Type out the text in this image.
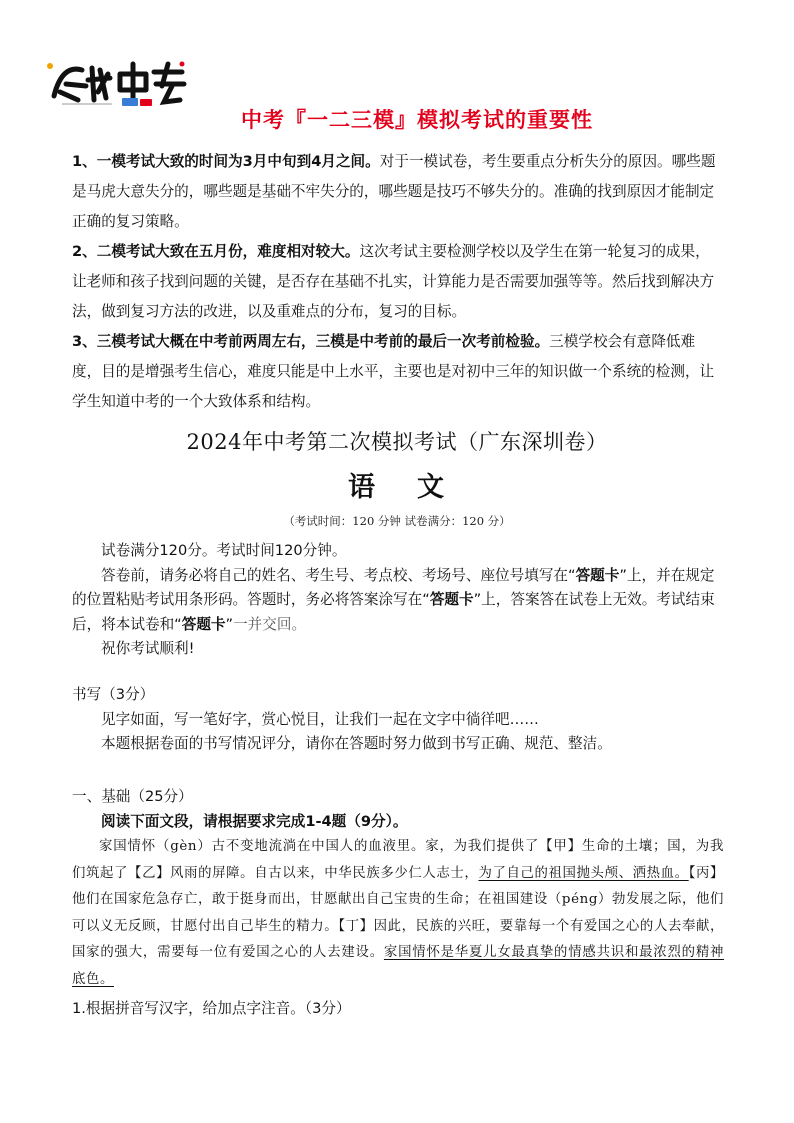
中考『一二三模』模拟考试的重要性

1、一模考试大致的时间为3月中旬到4月之间。对于一模试卷，考生要重点分析失分的原因。哪些题是马虎大意失分的，哪些题是基础不牢失分的，哪些题是技巧不够失分的。准确的找到原因才能制定正确的复习策略。

2、二模考试大致在五月份，难度相对较大。这次考试主要检测学校以及学生在第一轮复习的成果，让老师和孩子找到问题的关键，是否存在基础不扎实，计算能力是否需要加强等等。然后找到解决方法，做到复习方法的改进，以及重难点的分布，复习的目标。

3、三模考试大概在中考前两周左右，三模是中考前的最后一次考前检验。三模学校会有意降低难度，目的是增强考生信心，难度只能是中上水平，主要也是对初中三年的知识做一个系统的检测，让学生知道中考的一个大致体系和结构。

2024年中考第二次模拟考试（广东深圳卷）
语 文
（考试时间：120 分钟 试卷满分：120 分）

试卷满分120分。考试时间120分钟。

答卷前，请务必将自己的姓名、考生号、考点校、考场号、座位号填写在“答题卡”上，并在规定的位置粘贴考试用条形码。答题时，务必将答案涂写在“答题卡”上，答案答在试卷上无效。考试结束后，将本试卷和“答题卡”一并交回。

祝你考试顺利!

书写（3分）

见字如面，写一笔好字，赏心悦目，让我们一起在文字中徜徉吧……

本题根据卷面的书写情况评分，请你在答题时努力做到书写正确、规范、整洁。

一、基础（25分）

阅读下面文段，请根据要求完成1-4题（9分）。

家国情怀（gèn）古不变地流淌在中国人的血液里。家，为我们提供了【甲】生命的土壤；国，为我们筑起了【乙】风雨的屏障。自古以来，中华民族多少仁人志士，为了自己的祖国抛头颅、洒热血。【丙】他们在国家危急存亡，敢于挺身而出，甘愿献出自己宝贵的生命；在祖国建设（péng）勃发展之际，他们可以义无反顾，甘愿付出自己毕生的精力。【丁】因此，民族的兴旺，要靠每一个有爱国之心的人去奉献，国家的强大，需要每一位有爱国之心的人去建设。家国情怀是华夏儿女最真挚的情感共识和最浓烈的精神底色。
1.根据拼音写汉字，给加点字注音。（3分）
